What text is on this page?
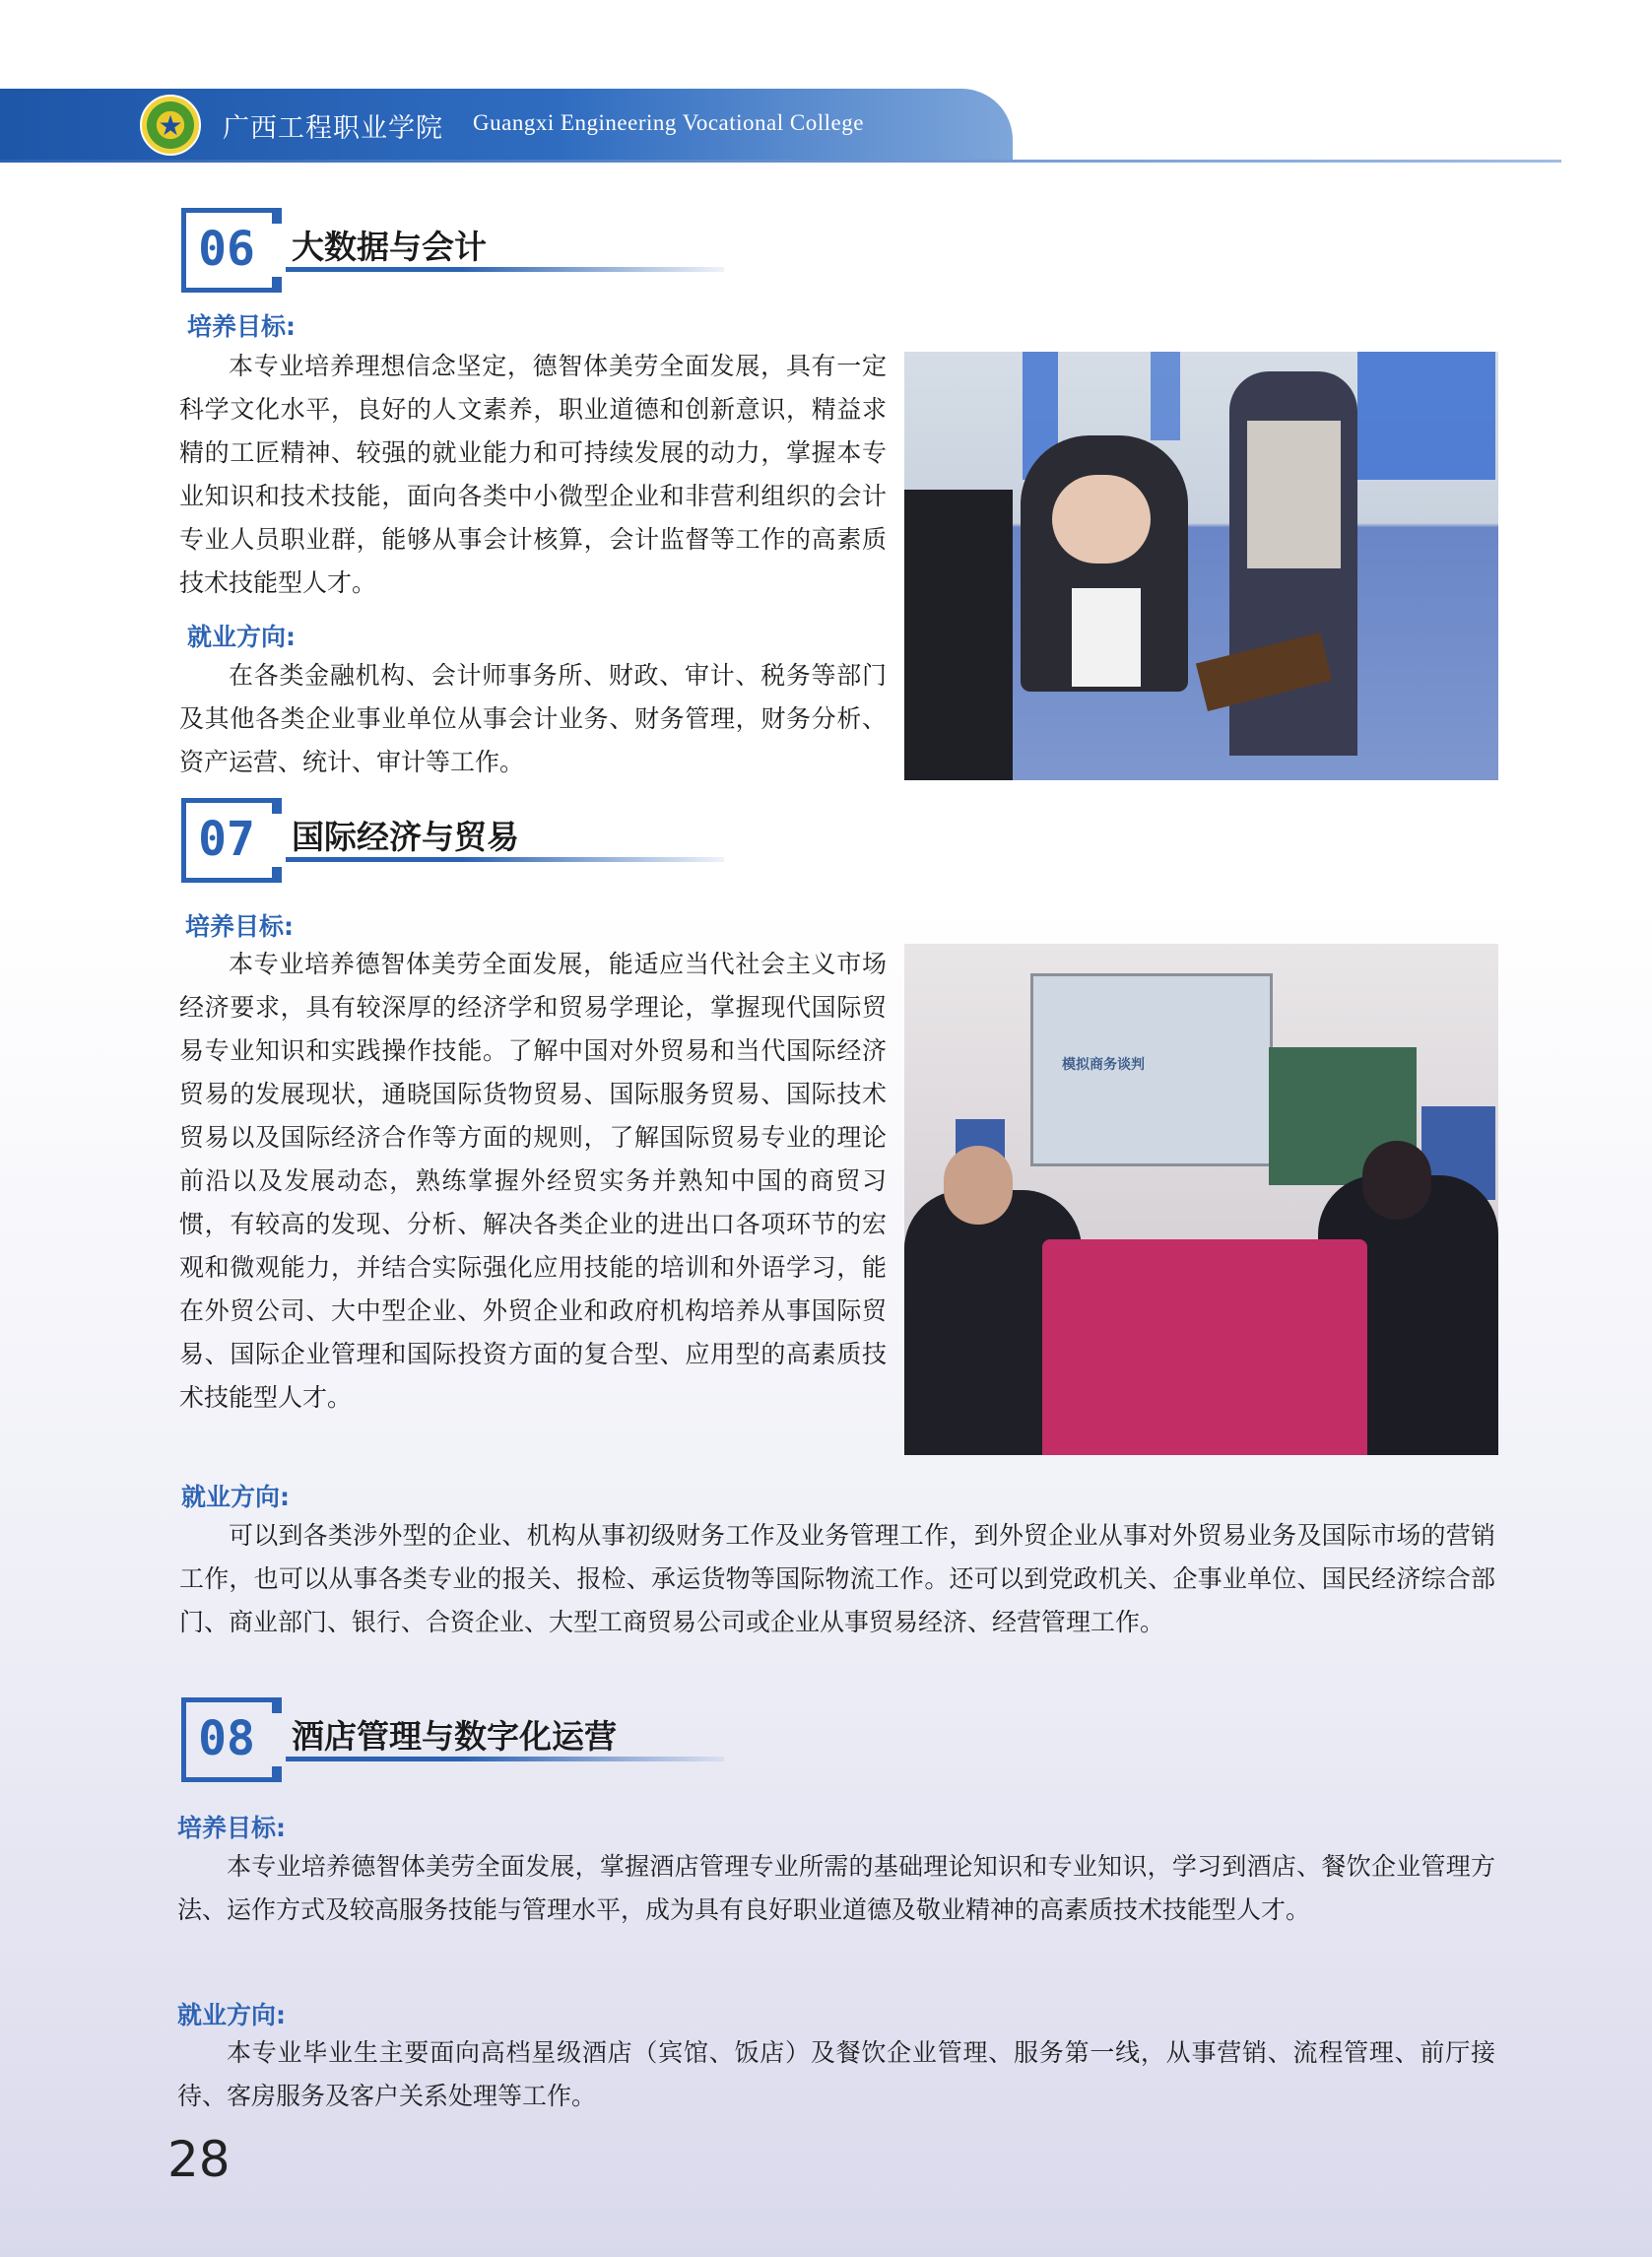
★	广西工程职业学院 Guangxi Engineering Vocational College
06	大数据与会计
培养目标:

本专业培养理想信念坚定，德智体美劳全面发展，具有一定科学文化水平，良好的人文素养，职业道德和创新意识，精益求精的工匠精神、较强的就业能力和可持续发展的动力，掌握本专业知识和技术技能，面向各类中小微型企业和非营利组织的会计专业人员职业群，能够从事会计核算，会计监督等工作的高素质技术技能型人才。

就业方向:

在各类金融机构、会计师事务所、财政、审计、税务等部门及其他各类企业事业单位从事会计业务、财务管理，财务分析、资产运营、统计、审计等工作。

07	国际经济与贸易
培养目标:

本专业培养德智体美劳全面发展，能适应当代社会主义市场经济要求，具有较深厚的经济学和贸易学理论，掌握现代国际贸易专业知识和实践操作技能。了解中国对外贸易和当代国际经济贸易的发展现状，通晓国际货物贸易、国际服务贸易、国际技术贸易以及国际经济合作等方面的规则，了解国际贸易专业的理论前沿以及发展动态，熟练掌握外经贸实务并熟知中国的商贸习惯，有较高的发现、分析、解决各类企业的进出口各项环节的宏观和微观能力，并结合实际强化应用技能的培训和外语学习，能在外贸公司、大中型企业、外贸企业和政府机构培养从事国际贸易、国际企业管理和国际投资方面的复合型、应用型的高素质技术技能型人才。

模拟商务谈判
就业方向:

可以到各类涉外型的企业、机构从事初级财务工作及业务管理工作，到外贸企业从事对外贸易业务及国际市场的营销工作，也可以从事各类专业的报关、报检、承运货物等国际物流工作。还可以到党政机关、企事业单位、国民经济综合部门、商业部门、银行、合资企业、大型工商贸易公司或企业从事贸易经济、经营管理工作。

08	酒店管理与数字化运营
培养目标:

本专业培养德智体美劳全面发展，掌握酒店管理专业所需的基础理论知识和专业知识，学习到酒店、餐饮企业管理方法、运作方式及较高服务技能与管理水平，成为具有良好职业道德及敬业精神的高素质技术技能型人才。

就业方向:

本专业毕业生主要面向高档星级酒店（宾馆、饭店）及餐饮企业管理、服务第一线，从事营销、流程管理、前厅接待、客房服务及客户关系处理等工作。

28
